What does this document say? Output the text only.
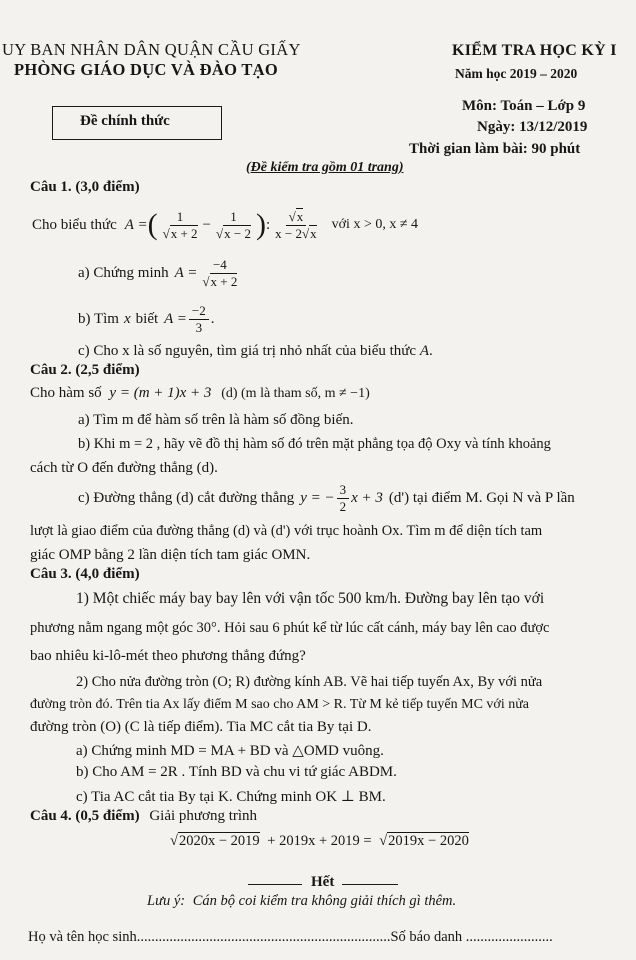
UY BAN NHÂN DÂN QUẬN CẦU GIẤY
PHÒNG GIÁO DỤC VÀ ĐÀO TẠO
KIỂM TRA HỌC KỲ I
Năm học 2019 – 2020
Đề chính thức
Môn: Toán – Lớp 9
Ngày: 13/12/2019
Thời gian làm bài: 90 phút
(Đề kiểm tra gồm 01 trang)
Câu 1. (3,0 điểm)
Cho biểu thức A = ( $\frac{1}{√x + 2} - \frac{1}{√x - 2}$ ) : $\frac{√x}{x - 2√x}$ với x > 0, x ≠ 4
a) Chứng minh $A = \frac{-4}{√x + 2}$
b) Tìm x biết $A = \frac{-2}{3}$ .
c) Cho x là số nguyên, tìm giá trị nhỏ nhất của biểu thức A.
Câu 2. (2,5 điểm)
Cho hàm số y = (m + 1)x + 3 (d) (m là tham số, m ≠ −1)
a) Tìm m để hàm số trên là hàm số đồng biến.
b) Khi m = 2 , hãy vẽ đồ thị hàm số đó trên mặt phẳng tọa độ Oxy và tính khoảng
cách từ O đến đường thẳng (d).
c) Đường thẳng (d) cắt đường thẳng y = − $\frac{3}{2}$ x + 3 (d') tại điểm M. Gọi N và P lần
lượt là giao điểm của đường thẳng (d) và (d') với trục hoành Ox. Tìm m để diện tích tam
giác OMP bằng 2 lần diện tích tam giác OMN.
Câu 3. (4,0 điểm)
1) Một chiếc máy bay bay lên với vận tốc 500 km/h. Đường bay lên tạo với
phương nằm ngang một góc 30°. Hỏi sau 6 phút kể từ lúc cất cánh, máy bay lên cao được
bao nhiêu ki-lô-mét theo phương thẳng đứng?
2) Cho nửa đường tròn (O; R) đường kính AB. Vẽ hai tiếp tuyến Ax, By với nửa
đường tròn đó. Trên tia Ax lấy điểm M sao cho AM > R. Từ M kẻ tiếp tuyến MC với nửa
đường tròn (O) (C là tiếp điểm). Tia MC cắt tia By tại D.
a) Chứng minh MD = MA + BD và △OMD vuông.
b) Cho AM = 2R . Tính BD và chu vi tứ giác ABDM.
c) Tia AC cắt tia By tại K. Chứng minh OK ⊥ BM.
Câu 4. (0,5 điểm) Giải phương trình
√2020x − 2019 + 2019x + 2019 = √2019x − 2020
Hết
Lưu ý: Cán bộ coi kiểm tra không giải thích gì thêm.
Họ và tên học sinh......................................................................Số báo danh ........................
